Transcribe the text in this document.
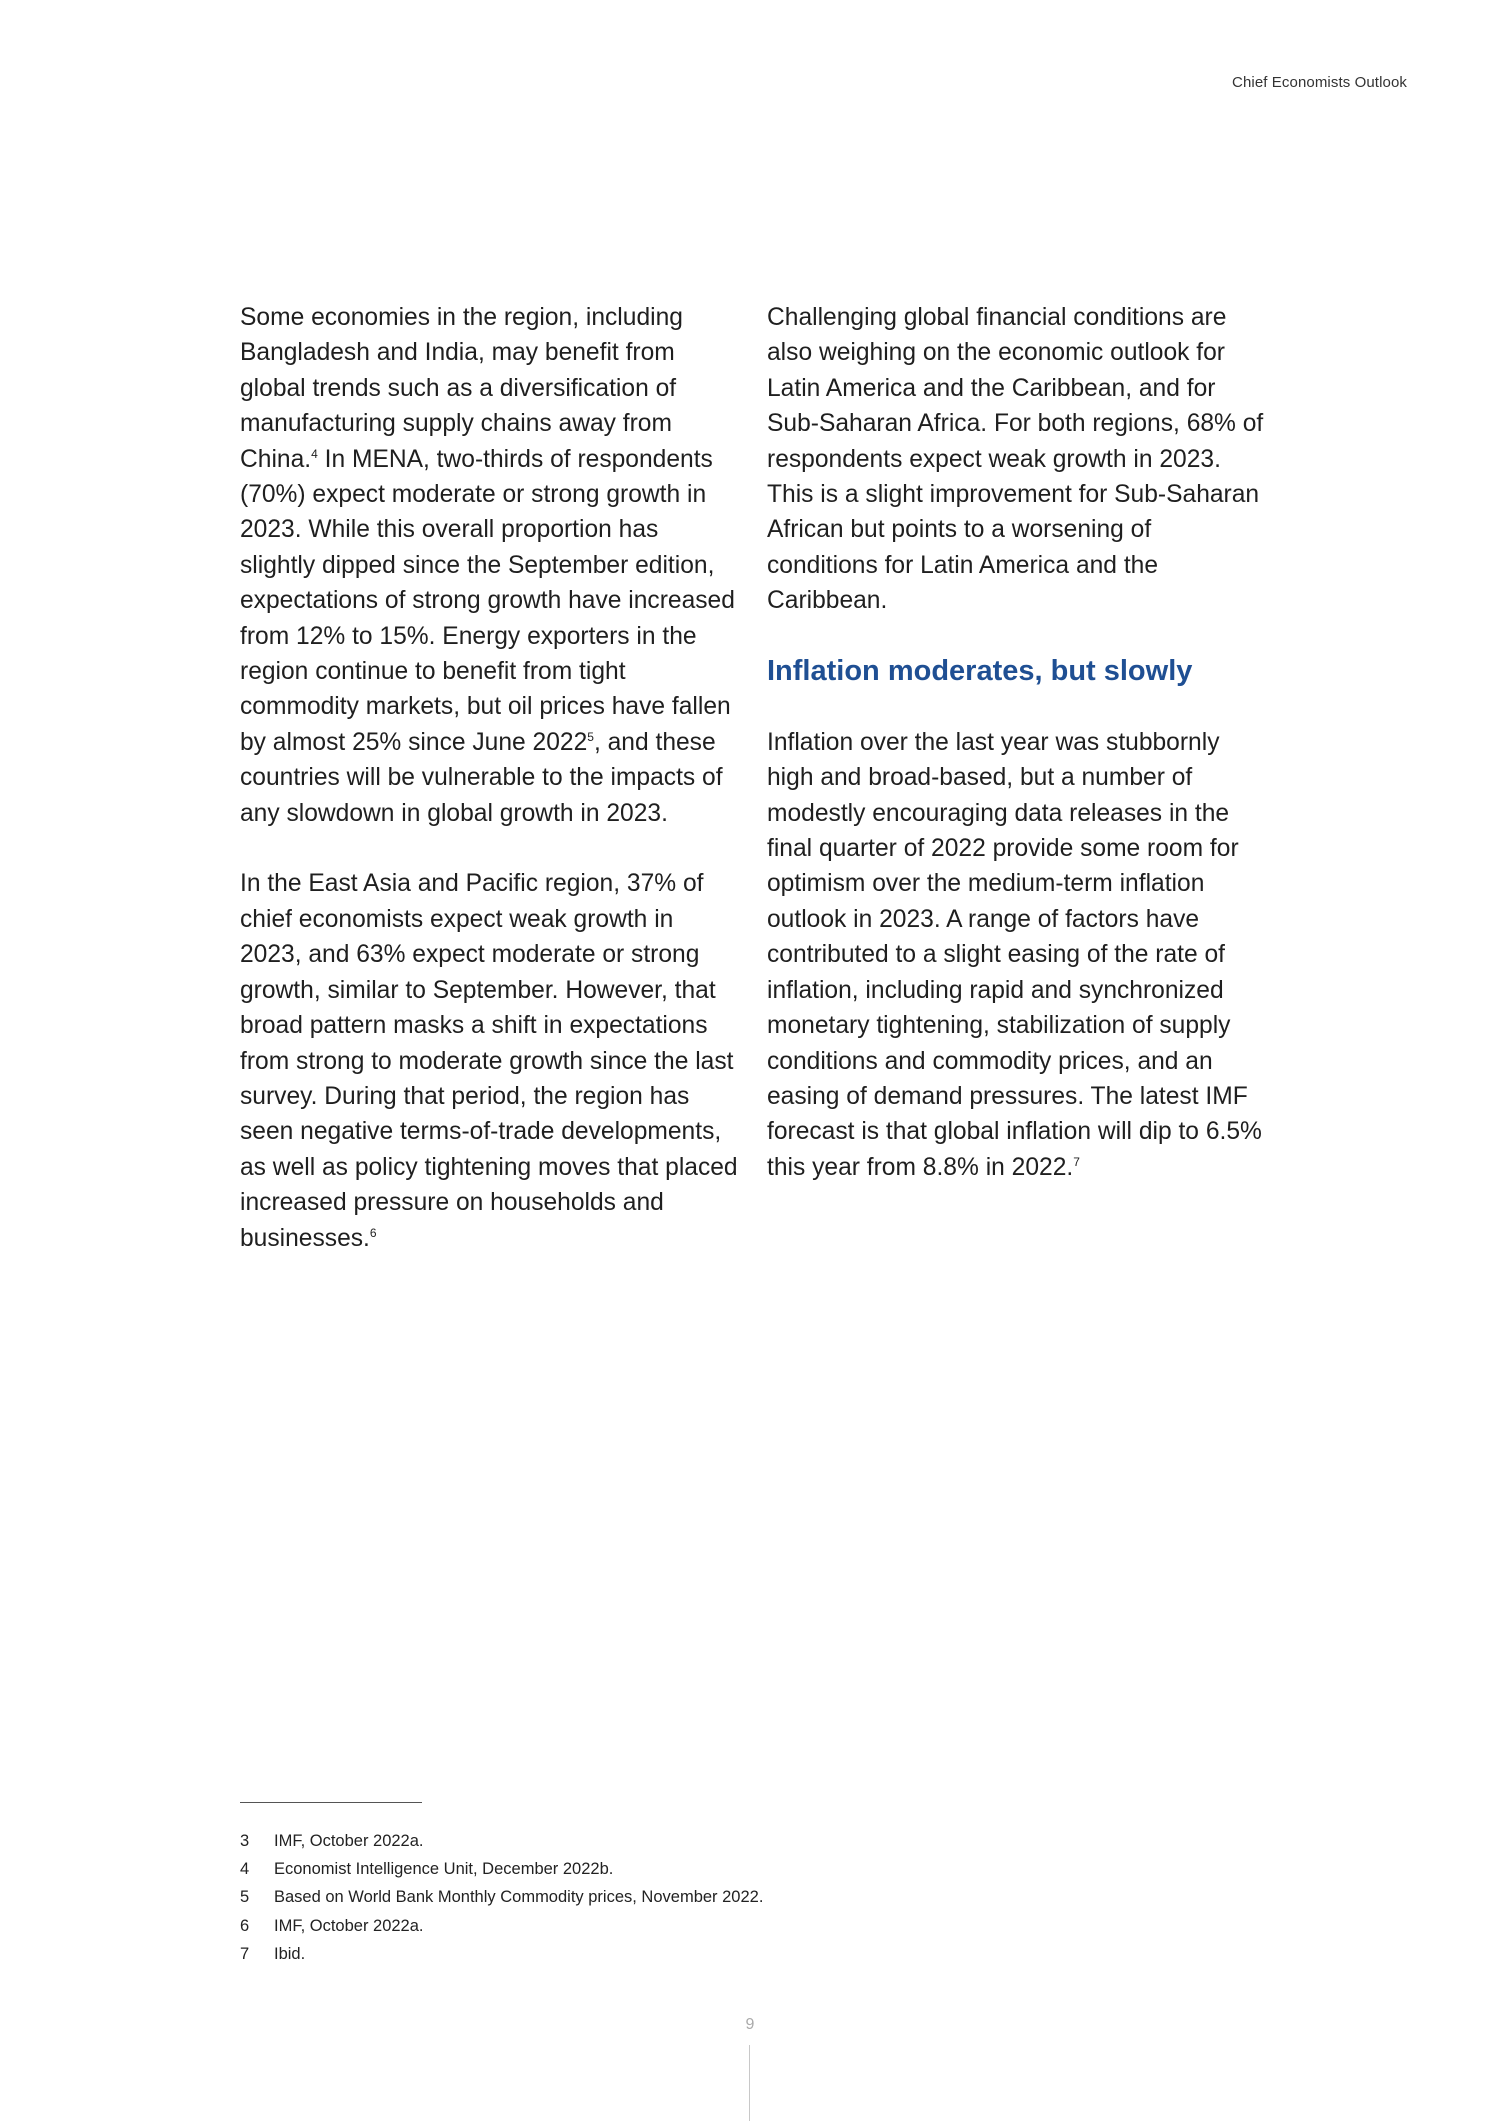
Chief Economists Outlook

Some economies in the region, including Bangladesh and India, may benefit from global trends such as a diversification of manufacturing supply chains away from China.$^4$ In MENA, two-thirds of respondents (70%) expect moderate or strong growth in 2023. While this overall proportion has slightly dipped since the September edition, expectations of strong growth have increased from 12% to 15%. Energy exporters in the region continue to benefit from tight commodity markets, but oil prices have fallen by almost 25% since June 2022$^5$, and these countries will be vulnerable to the impacts of any slowdown in global growth in 2023.

In the East Asia and Pacific region, 37% of chief economists expect weak growth in 2023, and 63% expect moderate or strong growth, similar to September. However, that broad pattern masks a shift in expectations from strong to moderate growth since the last survey. During that period, the region has seen negative terms-of-trade developments, as well as policy tightening moves that placed increased pressure on households and businesses.$^6$

Challenging global financial conditions are also weighing on the economic outlook for Latin America and the Caribbean, and for Sub-Saharan Africa. For both regions, 68% of respondents expect weak growth in 2023. This is a slight improvement for Sub-Saharan African but points to a worsening of conditions for Latin America and the Caribbean.

Inflation moderates, but slowly

Inflation over the last year was stubbornly high and broad-based, but a number of modestly encouraging data releases in the final quarter of 2022 provide some room for optimism over the medium-term inflation outlook in 2023. A range of factors have contributed to a slight easing of the rate of inflation, including rapid and synchronized monetary tightening, stabilization of supply conditions and commodity prices, and an easing of demand pressures. The latest IMF forecast is that global inflation will dip to 6.5% this year from 8.8% in 2022.$^7$

3	IMF, October 2022a.
4	Economist Intelligence Unit, December 2022b.
5	Based on World Bank Monthly Commodity prices, November 2022.
6	IMF, October 2022a.
7	Ibid.
9
